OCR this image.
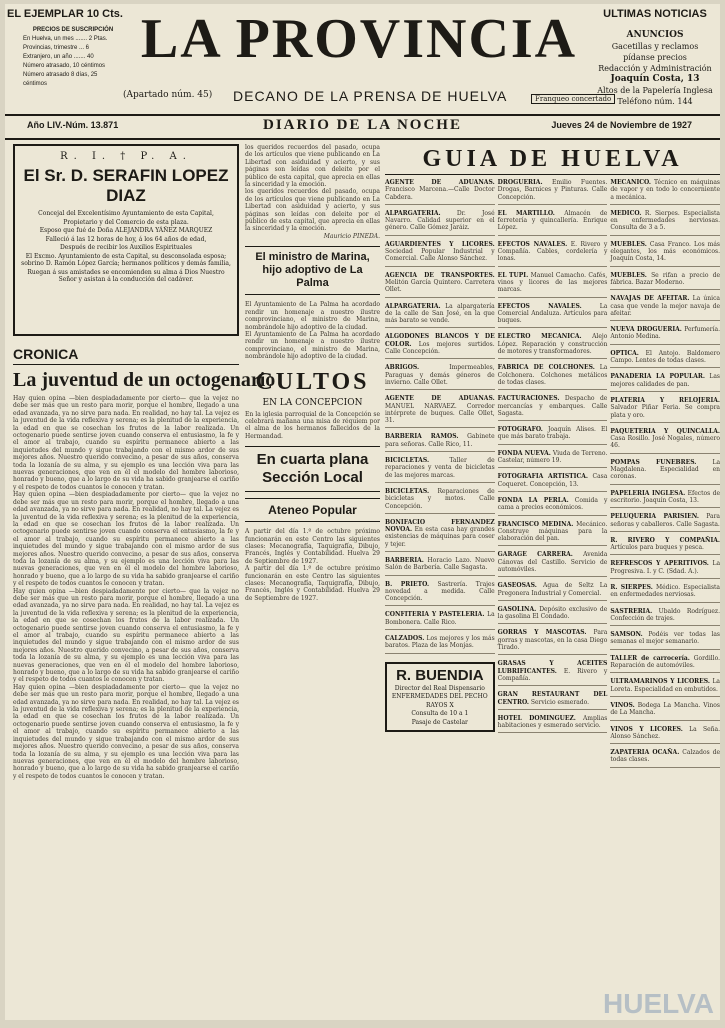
EL EJEMPLAR 10 Cts.
PRECIOS DE SUSCRIPCIÓN
En Huelva, un mes ....... 2 Ptas.
Provincias, trimestre ... 6
Extranjero, un año ....... 40
Número atrasado, 10 céntimos
Número atrasado 8 días, 25 céntimos
LA PROVINCIA
(Apartado núm. 45) DECANO DE LA PRENSA DE HUELVA	Franqueo concertado
ULTIMAS NOTICIAS
ANUNCIOS
Gacetillas y reclamos
pídanse precios
Redacción y Administración
Joaquín Costa, 13
Altos de la Papelería Inglesa
Teléfono núm. 144
Año LIV.-Núm. 13.871	DIARIO DE LA NOCHE	Jueves 24 de Noviembre de 1927
R. I. † P. A.
El Sr. D. SERAFIN LOPEZ DIAZ

Concejal del Excelentísimo Ayuntamiento de esta Capital,

Propietario y del Comercio de esta plaza.

Esposo que fué de Doña ALEJANDRA YÁÑEZ MARQUEZ

Falleció á las 12 horas de hoy, á los 64 años de edad,

Después de recibir los Auxilios Espirituales

El Excmo. Ayuntamiento de esta Capital, su desconsolada esposa; sobrino D. Ramón López García; hermanos políticos y demás familia,

Ruegan á sus amistades se encomienden su alma á Dios Nuestro Señor y asistan á la conducción del cadáver.

CRONICA
La juventud de un octogenario

Hay quien opina —bien despiadadamente por cierto— que la vejez no debe ser más que un resto para morir, porque el hombre, llegado a una edad avanzada, ya no sirve para nada. En realidad, no hay tal. La vejez es la juventud de la vida reflexiva y serena; es la plenitud de la experiencia, la edad en que se cosechan los frutos de la labor realizada. Un octogenario puede sentirse joven cuando conserva el entusiasmo, la fe y el amor al trabajo, cuando su espíritu permanece abierto a las inquietudes del mundo y sigue trabajando con el mismo ardor de sus mejores años. Nuestro querido convecino, a pesar de sus años, conserva toda la lozanía de su alma, y su ejemplo es una lección viva para las nuevas generaciones, que ven en él el modelo del hombre laborioso, honrado y bueno, que a lo largo de su vida ha sabido granjearse el cariño y el respeto de todos cuantos le conocen y tratan.

Hay quien opina —bien despiadadamente por cierto— que la vejez no debe ser más que un resto para morir, porque el hombre, llegado a una edad avanzada, ya no sirve para nada. En realidad, no hay tal. La vejez es la juventud de la vida reflexiva y serena; es la plenitud de la experiencia, la edad en que se cosechan los frutos de la labor realizada. Un octogenario puede sentirse joven cuando conserva el entusiasmo, la fe y el amor al trabajo, cuando su espíritu permanece abierto a las inquietudes del mundo y sigue trabajando con el mismo ardor de sus mejores años. Nuestro querido convecino, a pesar de sus años, conserva toda la lozanía de su alma, y su ejemplo es una lección viva para las nuevas generaciones, que ven en él el modelo del hombre laborioso, honrado y bueno, que a lo largo de su vida ha sabido granjearse el cariño y el respeto de todos cuantos le conocen y tratan.

Hay quien opina —bien despiadadamente por cierto— que la vejez no debe ser más que un resto para morir, porque el hombre, llegado a una edad avanzada, ya no sirve para nada. En realidad, no hay tal. La vejez es la juventud de la vida reflexiva y serena; es la plenitud de la experiencia, la edad en que se cosechan los frutos de la labor realizada. Un octogenario puede sentirse joven cuando conserva el entusiasmo, la fe y el amor al trabajo, cuando su espíritu permanece abierto a las inquietudes del mundo y sigue trabajando con el mismo ardor de sus mejores años. Nuestro querido convecino, a pesar de sus años, conserva toda la lozanía de su alma, y su ejemplo es una lección viva para las nuevas generaciones, que ven en él el modelo del hombre laborioso, honrado y bueno, que a lo largo de su vida ha sabido granjearse el cariño y el respeto de todos cuantos le conocen y tratan.

Hay quien opina —bien despiadadamente por cierto— que la vejez no debe ser más que un resto para morir, porque el hombre, llegado a una edad avanzada, ya no sirve para nada. En realidad, no hay tal. La vejez es la juventud de la vida reflexiva y serena; es la plenitud de la experiencia, la edad en que se cosechan los frutos de la labor realizada. Un octogenario puede sentirse joven cuando conserva el entusiasmo, la fe y el amor al trabajo, cuando su espíritu permanece abierto a las inquietudes del mundo y sigue trabajando con el mismo ardor de sus mejores años. Nuestro querido convecino, a pesar de sus años, conserva toda la lozanía de su alma, y su ejemplo es una lección viva para las nuevas generaciones, que ven en él el modelo del hombre laborioso, honrado y bueno, que a lo largo de su vida ha sabido granjearse el cariño y el respeto de todos cuantos le conocen y tratan.

los queridos recuerdos del pasado, ocupa de los artículos que viene publicando en La Libertad con asiduidad y acierto, y sus páginas son leídas con deleite por el público de esta capital, que aprecia en ellas la sinceridad y la emoción.

los queridos recuerdos del pasado, ocupa de los artículos que viene publicando en La Libertad con asiduidad y acierto, y sus páginas son leídas con deleite por el público de esta capital, que aprecia en ellas la sinceridad y la emoción.

Mauricio PINEDA.

El ministro de Marina, hijo adoptivo de La Palma

El Ayuntamiento de La Palma ha acordado rendir un homenaje a nuestro ilustre comprovinciano, el ministro de Marina, nombrándole hijo adoptivo de la ciudad.

El Ayuntamiento de La Palma ha acordado rendir un homenaje a nuestro ilustre comprovinciano, el ministro de Marina, nombrándole hijo adoptivo de la ciudad.

CULTOS
EN LA CONCEPCION

En la iglesia parroquial de la Concepción se celebrará mañana una misa de réquiem por el alma de los hermanos fallecidos de la Hermandad.

En cuarta plana Sección Local
Ateneo Popular

A partir del día 1.º de octubre próximo funcionarán en este Centro las siguientes clases: Mecanografía, Taquigrafía, Dibujo, Francés, Inglés y Contabilidad. Huelva 29 de Septiembre de 1927.

A partir del día 1.º de octubre próximo funcionarán en este Centro las siguientes clases: Mecanografía, Taquigrafía, Dibujo, Francés, Inglés y Contabilidad. Huelva 29 de Septiembre de 1927.

GUIA DE HUELVA

AGENTE DE ADUANAS. Francisco Marcena.—Calle Doctor Cabdera.

ALPARGATERIA.	Dr. José Navarro. Calidad superior en el género. Calle Gómez Jaráiz.

AGUARDIENTES Y LICORES. Sociedad Popular Industrial y Comercial. Calle Alonso Sánchez.

AGENCIA DE TRANSPORTES. Melitón García Quintero. Carretera Ollet.

ALPARGATERIA. La alpargatería de la calle de San José, en la que más barato se vende.

ALGODONES BLANCOS Y DE COLOR. Los mejores surtidos. Calle Concepción.

ABRIGOS.	Impermeables, Paraguas y demás géneros de invierno. Calle Ollet.

AGENTE DE ADUANAS. MANUEL NARVAEZ. Corredor intérprete de buques. Calle Ollet, 31.

BARBERIA RAMOS. Gabinete para señoras. Calle Rico, 11.

BICICLETAS.	Taller de reparaciones y venta de bicicletas de las mejores marcas.

BICICLETAS. Reparaciones de bicicletas y motos. Calle Concepción.

BONIFACIO FERNANDEZ NOVOA. En esta casa hay grandes existencias de máquinas para coser y tejer.

BARBERIA. Horacio Lazo. Nuevo Salón de Barbería. Calle Sagasta.

B. PRIETO. Sastrería. Trajes novedad a medida. Calle Concepción.

CONFITERIA Y PASTELERIA. La Bombonera. Calle Rico.

CALZADOS. Los mejores y los más baratos. Plaza de las Monjas.

R. BUENDIA

Director del Real Dispensario

ENFERMEDADES DEL PECHO

RAYOS X

Consulta de 10 a 1

Pasaje de Castelar

DROGUERIA. Emilio Fuentes. Drogas, Barnices y Pinturas. Calle Concepción.

EL MARTILLO. Almacén de ferretería y quincallería. Enrique López.

EFECTOS NAVALES. E. Rivero y Compañía. Cables, cordelería y lonas.

EL TUPI. Manuel Camacho. Cafés, vinos y licores de las mejores marcas.

EFECTOS NAVALES.	La Comercial Andaluza. Artículos para buques.

ELECTRO MECANICA. Alejo López. Reparación y construcción de motores y transformadores.

FABRICA DE COLCHONES. La Colchonera. Colchones metálicos de todas clases.

FACTURACIONES. Despacho de mercancías y embarques. Calle Sagasta.

FOTOGRAFO. Joaquín Alises. El que más barato trabaja.

FONDA NUEVA. Viuda de Terreno. Castelar, número 19.

FOTOGRAFIA ARTISTICA. Casa Coqueret. Concepción, 13.

FONDA LA PERLA. Comida y cama a precios económicos.

FRANCISCO MEDINA. Mecánico. Construye máquinas para la elaboración del pan.

GARAGE CARRERA. Avenida Cánovas del Castillo. Servicio de automóviles.

GASEOSAS. Agua de Seltz La Pregonera Industrial y Comercial.

GASOLINA. Depósito exclusivo de la gasolina El Condado.

GORRAS Y MASCOTAS. Para gorras y mascotas, en la casa Diego Tirado.

GRASAS Y ACEITES LUBRIFICANTES. E. Rivero y Compañía.

GRAN RESTAURANT DEL CENTRO. Servicio esmerado.

HOTEL DOMINGUEZ. Amplias habitaciones y esmerado servicio.

MECANICO. Técnico en máquinas de vapor y en todo lo concerniente a mecánica.

MEDICO. R. Sierpes. Especialista en enfermedades nerviosas. Consulta de 3 a 5.

MUEBLES. Casa Franco. Los más elegantes, los más económicos. Joaquín Costa, 14.

MUEBLES. Se rifan a precio de fábrica. Bazar Moderno.

NAVAJAS DE AFEITAR. La única casa que vende la mejor navaja de afeitar.

NUEVA DROGUERIA. Perfumería. Antonio Medina.

OPTICA. El Antojo. Baldomero Campo. Lentes de todas clases.

PANADERIA LA POPULAR. Las mejores calidades de pan.

PLATERIA Y RELOJERIA. Salvador Piñar Feria. Se compra plata y oro.

PAQUETERIA Y QUINCALLA. Casa Rosillo. José Nogales, número 46.

POMPAS FUNEBRES.	La Magdalena. Especialidad en coronas.

PAPELERIA INGLESA. Efectos de escritorio. Joaquín Costa, 13.

PELUQUERIA PARISIEN. Para señoras y caballeros. Calle Sagasta.

R. RIVERO Y COMPAÑIA. Artículos para buques y pesca.

REFRESCOS Y APERITIVOS. La Progresiva. I. y C. (Sdad. A.).

R. SIERPES. Médico. Especialista en enfermedades nerviosas.

SASTRERIA. Ubaldo Rodríguez. Confección de trajes.

SAMSON. Podéis ver todas las semanas el mejor semanario.

TALLER de carrocería. Gordillo. Reparación de automóviles.

ULTRAMARINOS Y LICORES. La Loreta. Especialidad en embutidos.

VINOS. Bodega La Mancha. Vinos de La Mancha.

VINOS Y LICORES. La Seña. Alonso Sánchez.

ZAPATERIA OCAÑA. Calzados de todas clases.

HUELVA
